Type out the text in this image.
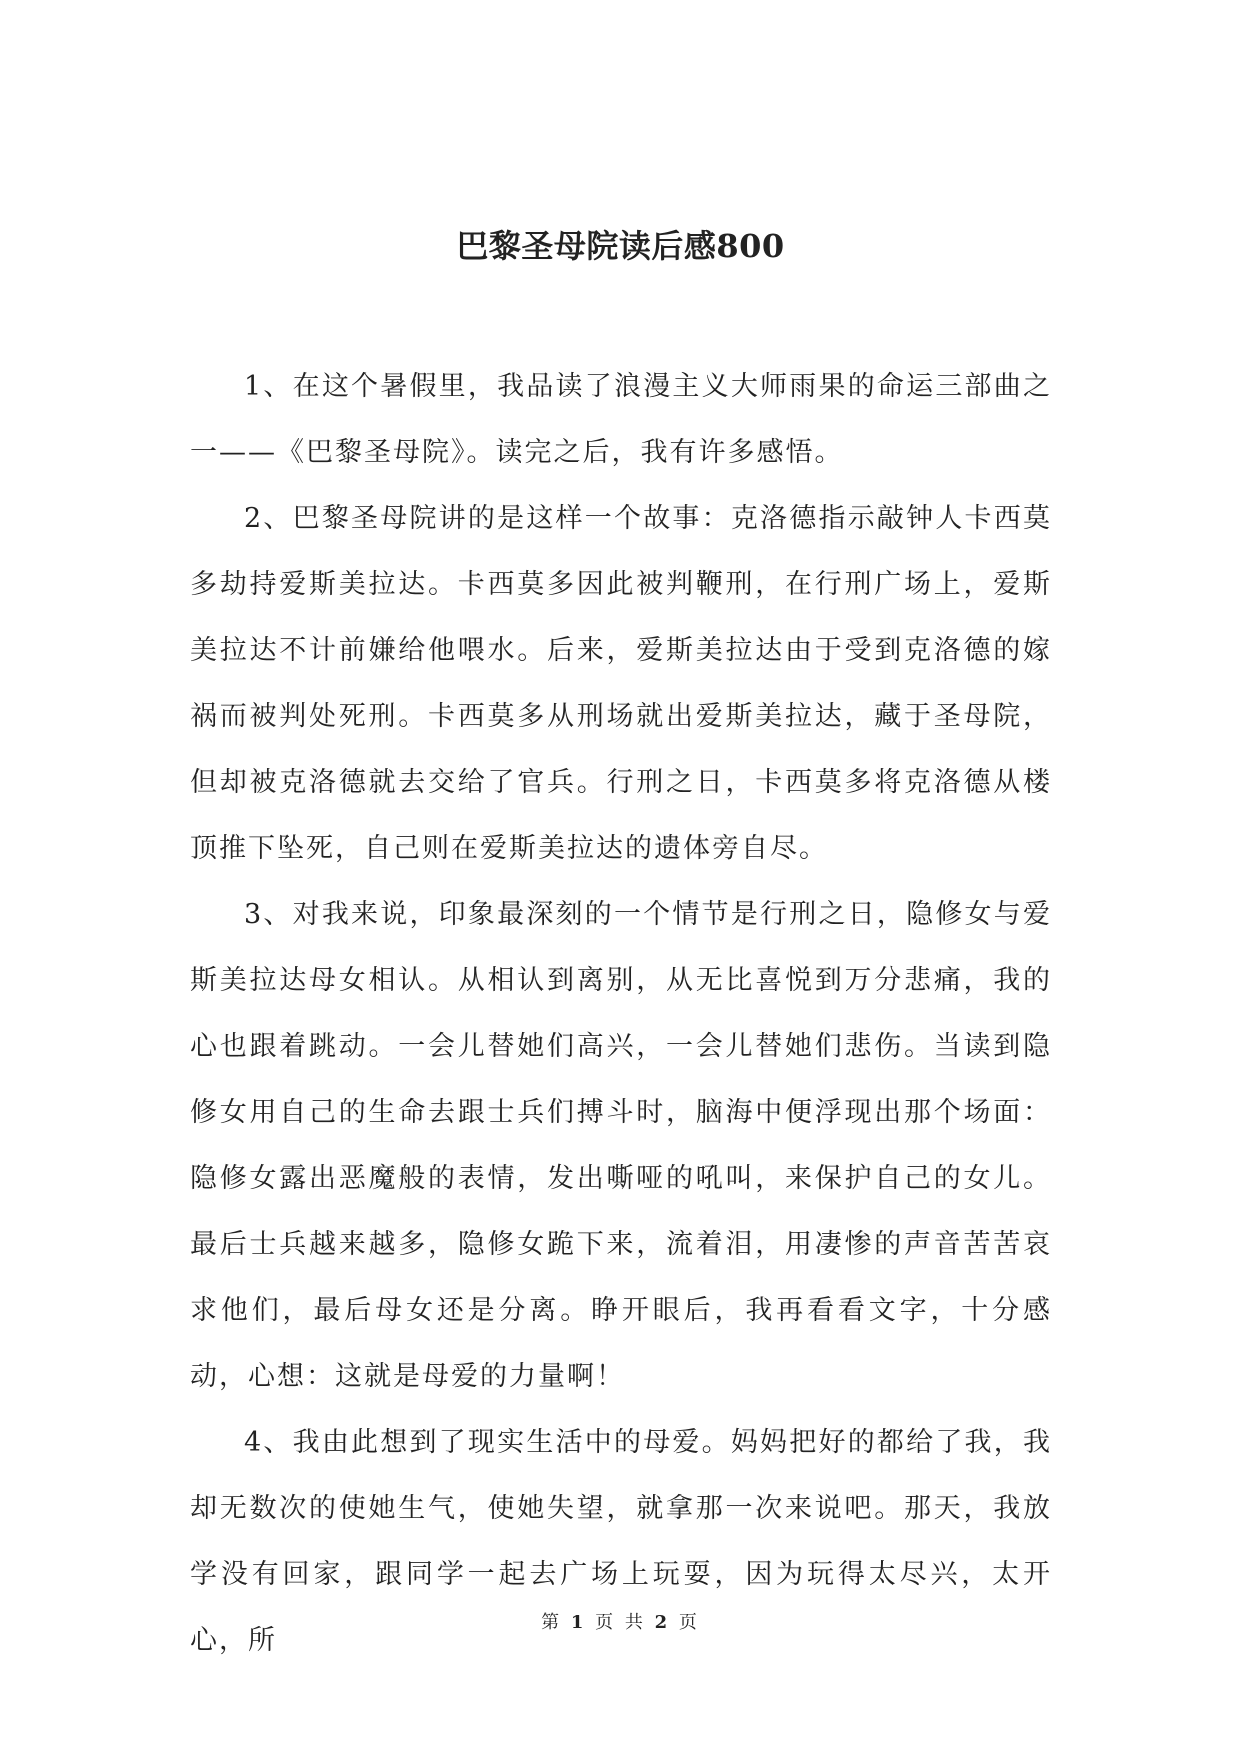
巴黎圣母院读后感800

1、在这个暑假里，我品读了浪漫主义大师雨果的命运三部曲之一——《巴黎圣母院》。读完之后，我有许多感悟。

2、巴黎圣母院讲的是这样一个故事：克洛德指示敲钟人卡西莫多劫持爱斯美拉达。卡西莫多因此被判鞭刑，在行刑广场上，爱斯美拉达不计前嫌给他喂水。后来，爱斯美拉达由于受到克洛德的嫁祸而被判处死刑。卡西莫多从刑场就出爱斯美拉达，藏于圣母院，但却被克洛德就去交给了官兵。行刑之日，卡西莫多将克洛德从楼顶推下坠死，自己则在爱斯美拉达的遗体旁自尽。

3、对我来说，印象最深刻的一个情节是行刑之日，隐修女与爱斯美拉达母女相认。从相认到离别，从无比喜悦到万分悲痛，我的心也跟着跳动。一会儿替她们高兴，一会儿替她们悲伤。当读到隐修女用自己的生命去跟士兵们搏斗时，脑海中便浮现出那个场面：隐修女露出恶魔般的表情，发出嘶哑的吼叫，来保护自己的女儿。最后士兵越来越多，隐修女跪下来，流着泪，用凄惨的声音苦苦哀求他们，最后母女还是分离。睁开眼后，我再看看文字，十分感动，心想：这就是母爱的力量啊！

4、我由此想到了现实生活中的母爱。妈妈把好的都给了我，我却无数次的使她生气，使她失望，就拿那一次来说吧。那天，我放学没有回家，跟同学一起去广场上玩耍，因为玩得太尽兴，太开心，所

第 1 页 共 2 页
